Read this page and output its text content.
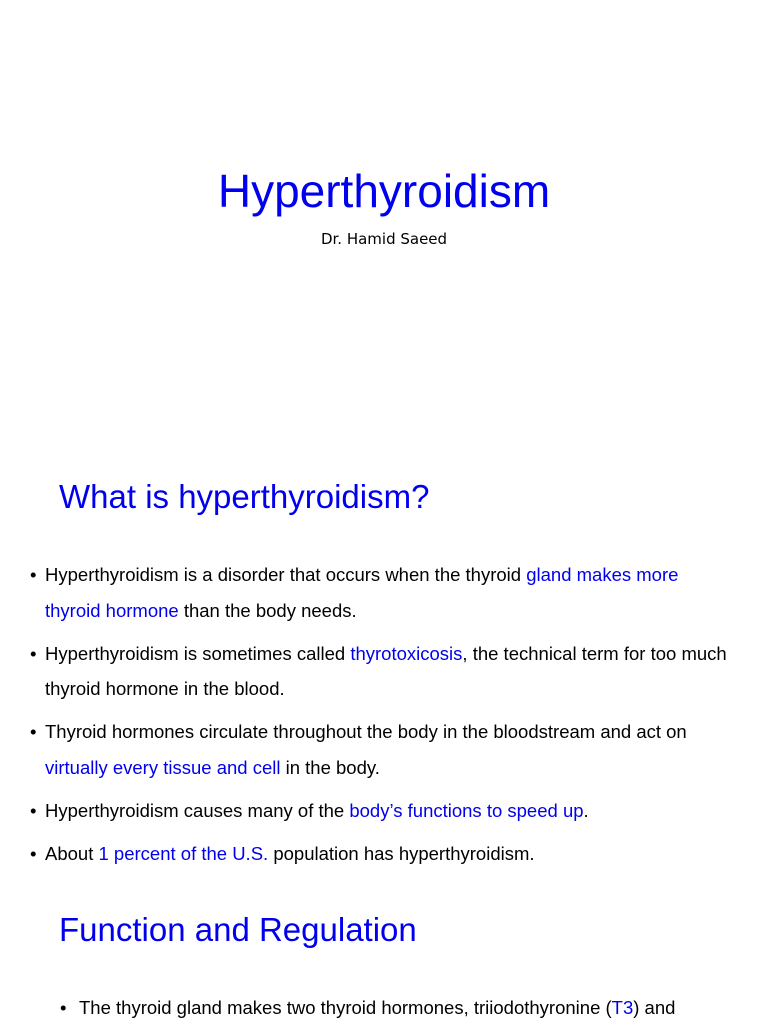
Hyperthyroidism

Dr. Hamid Saeed

What is hyperthyroidism?
• Hyperthyroidism is a disorder that occurs when the thyroid gland makes more thyroid hormone than the body needs.
• Hyperthyroidism is sometimes called thyrotoxicosis, the technical term for too much thyroid hormone in the blood.
• Thyroid hormones circulate throughout the body in the bloodstream and act on virtually every tissue and cell in the body.
• Hyperthyroidism causes many of the body’s functions to speed up.
• About 1 percent of the U.S. population has hyperthyroidism.
Function and Regulation
• The thyroid gland makes two thyroid hormones, triiodothyronine (T3) and
